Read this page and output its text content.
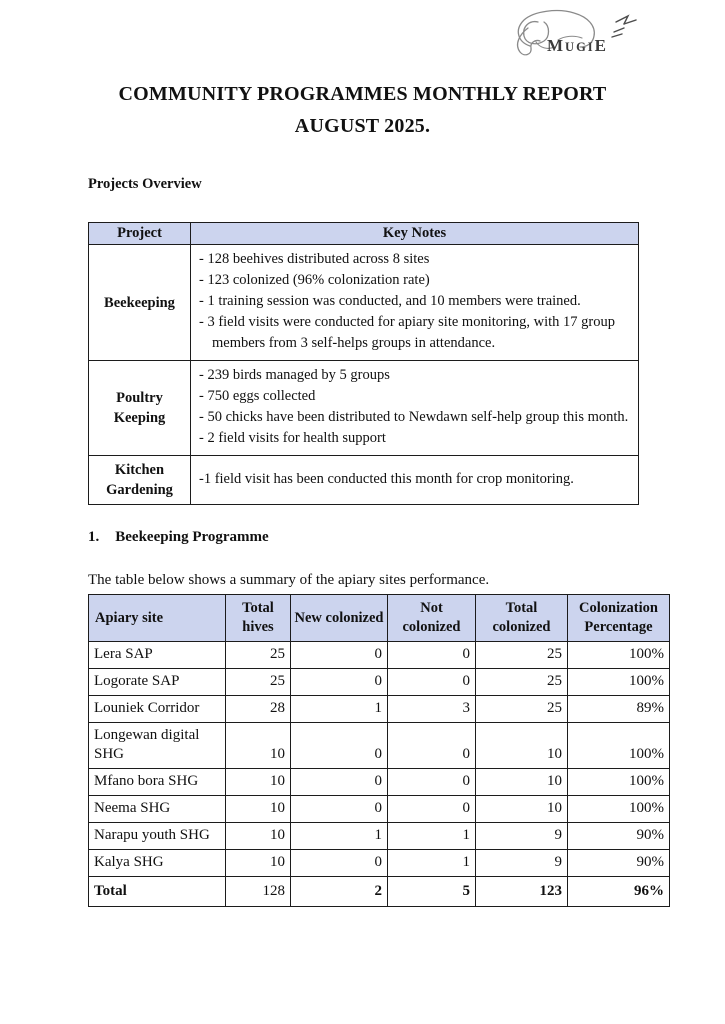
MUGIE
COMMUNITY PROGRAMMES MONTHLY REPORT
AUGUST 2025.
Projects Overview
Project	Key Notes
Beekeeping	- 128 beehives distributed across 8 sites
- 123 colonized (96% colonization rate)
- 1 training session was conducted, and 10 members were trained.
- 3 field visits were conducted for apiary site monitoring, with 17 group members from 3 self-helps groups in attendance.

Poultry Keeping	- 239 birds managed by 5 groups
- 750 eggs collected
- 50 chicks have been distributed to Newdawn self-help group this month.
- 2 field visits for health support

Kitchen Gardening	-1 field visit has been conducted this month for crop monitoring.
1. Beekeeping Programme
The table below shows a summary of the apiary sites performance.
Apiary site	Total hives	New colonized	Not colonized	Total colonized	Colonization Percentage
Lera SAP	25	0	0	25	100%
Logorate SAP	25	0	0	25	100%
Louniek Corridor	28	1	3	25	89%
Longewan digital SHG	10	0	0	10	100%
Mfano bora SHG	10	0	0	10	100%
Neema SHG	10	0	0	10	100%
Narapu youth SHG	10	1	1	9	90%
Kalya SHG	10	0	1	9	90%
Total	128	2	5	123	96%
